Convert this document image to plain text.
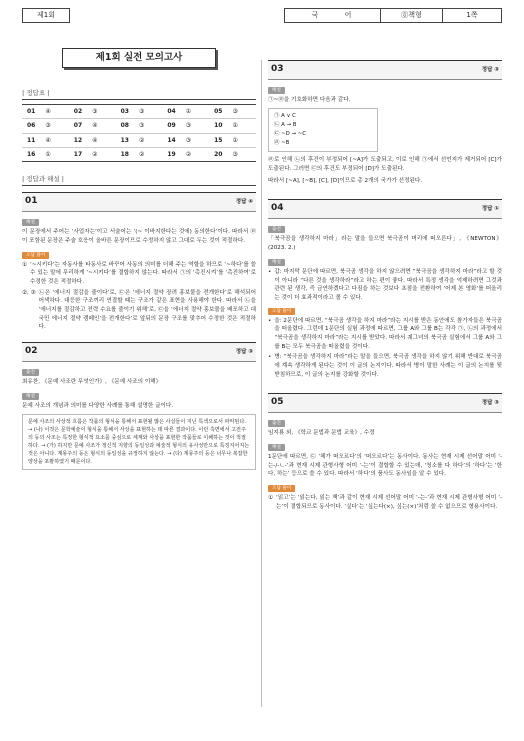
제1회	국 어	㉭책형	1쪽
제1회 실전 모의고사
| 정답표 |
01	④	02	③	03	③	04	①	05	③
06	③	07	④	08	③	09	③	10	①
11	④	12	④	13	②	14	③	15	①
16	①	17	②	18	②	19	②	20	③
| 정답과 해설 |
01	정답 ④
해설
이 문장에서 주어는 ‘사업자는’이고 서술어는 ‘(~ 이바지한다는 것에) 동의한다’이다. 따라서 ㉣이 포함된 문장은 주술 호응이 올바른 문장이므로 수정하지 않고 그대로 두는 것이 적절하다.
오답 풀이
① ‘~시키다’는 자동사를 타동사로 바꾸어 사동의 의미를 더해 주는 역할을 하므로 ‘~하다’를 쓸 수 있는 말에 무리하게 ‘~시키다’를 결합하지 않는다. 따라서 ㉠의 ‘촉진시켜’를 ‘촉진하여’로 수정한 것은 적절하다.
②, ③ ㉡은 ‘에너지 절감을 줄이다’로, ㉢은 ‘에너지 절약 장려 홍보물을 전개한다’로 해석되어 어색하다. 대등한 구조끼리 연결할 때는 구조가 같은 표현을 사용해야 한다. 따라서 ㉡을 ‘에너지를 절감하고 전력 수요를 줄이기 위해’로, ㉢을 ‘에너지 절약 홍보물을 배포하고 대국민 에너지 절약 캠페인’을 전개한다’로 앞뒤의 문장 구조를 맞추어 수정한 것은 적절하다.
02	정답 ③
출전
최유찬, 《문예 사조란 무엇인가》, 《문예 사조의 이해》
해설
문예 사조의 개념과 의미를 다양한 사례를 통해 설명한 글이다.
문예 사조의 사상적 흐름은 작품의 형식을 통해서 표현될 많은 사실들이 지닌 특색으로서 파악된다. → (나) 이것은 문학예술이 형식을 통해서 사상을 표현하는 데 따른 결과이다. 이런 측면에서 고전주의 등의 사조는 특정한 형식적 요소를 중심으로 세계와 사상을 표현한 작품들로 이해하는 것이 적절하다. → (가) 하지만 문예 사조가 정신적 지향의 동일성과 예술적 형식의 유사성만으로 특징지어지는 것은 아니다. 계몽주의 등은 형식의 동일성을 규정하지 않는다. → (다) 계몽주의 등은 너무나 복잡한 양상을 포괄하였기 때문이다.
03	정답 ③
해설
㉠~㉣을 기호화하면 다음과 같다.
㉠ A ∨ C
㉡ A → B
㉢ ~D → ~C
㉣ ~B
㉣로 인해 ㉡의 후건이 부정되어 [~A]가 도출되고, 이로 인해 ㉠에서 선언지가 제거되어 [C]가 도출된다. 그러면 ㉢의 후건도 부정되어 [D]가 도출된다.
따라서 [~A], [~B], [C], [D]이므로 총 2개의 국가가 선정된다.
04	정답 ①
출전
「북극곰을 생각하지 마라」라는 말을 들으면 북극곰이 머리에 떠오른다」, 《NEWTON》(2023. 2.)
해설
• 갑: 마지막 문단에 따르면, 북극곰 생각을 하지 않으려면 “북극곰을 생각하지 마라”라고 할 것이 아니라 “다른 것을 생각하라”라고 하는 편이 좋다. 따라서 특정 생각을 억제하려면 그것과 관련 된 생각, 즉 금연하겠다고 다짐을 하는 것보다 초점을 전환하여 ‘어제 본 영화’를 떠올리는 것이 더 효과적이라고 볼 수 있다.
오답 풀이
• 을: 2문단에 따르면, “북극곰 생각을 하지 마라”라는 지시를 받은 동안에도 참가자들은 북극곰을 떠올렸다. 그런데 1문단의 실험 과정에 따르면, 그룹 A와 그룹 B는 각각 ㉠, ㉡의 과정에서 “북극곰을 생각하지 마라”라는 지시를 받았다. 따라서 궤그녀의 북극곰 실험에서 그룹 A와 그룹 B는 모두 북극곰을 떠올렸을 것이다.
• 병: “북극곰을 생각하지 마라”라는 말을 들으면, 북극곰 생각을 하지 않기 위해 반대로 북극곰에 계속 생각하게 된다는 것이 이 글의 논지이다. 따라서 병이 말한 사례는 이 글의 논지를 뒷받침하므로, 이 글의 논지를 강화할 것이다.
05	정답 ③
출전
임지룡 외, 《학교 문법과 문법 교육》, 수정
해설
1문단에 따르면, ㉢ ‘헤가 떠오르다’의 ‘떠오르다’는 동사이다. 동사는 현재 시제 선어말 어미 ‘-는-/-ㄴ-’과 현재 시제 관형사형 어미 ‘-는’이 결합할 수 있는데, ‘청소를 다 하다’의 ‘하다’는 ‘한다, 하는’ 등으로 쓸 수 있다. 따라서 ‘하다’의 품사도 동사임을 알 수 있다.
오답 풀이
① ‘읽고’는 ‘읽는다, 읽는 책’과 같이 현재 시제 선어말 어미 ‘-는-’과 현재 시제 관형사형 어미 ‘-는’이 결합되므로 동사이다. ‘싶다’는 ‘싶는다(×), 싶는(×)’처럼 쓸 수 없으므로 형용사이다.
